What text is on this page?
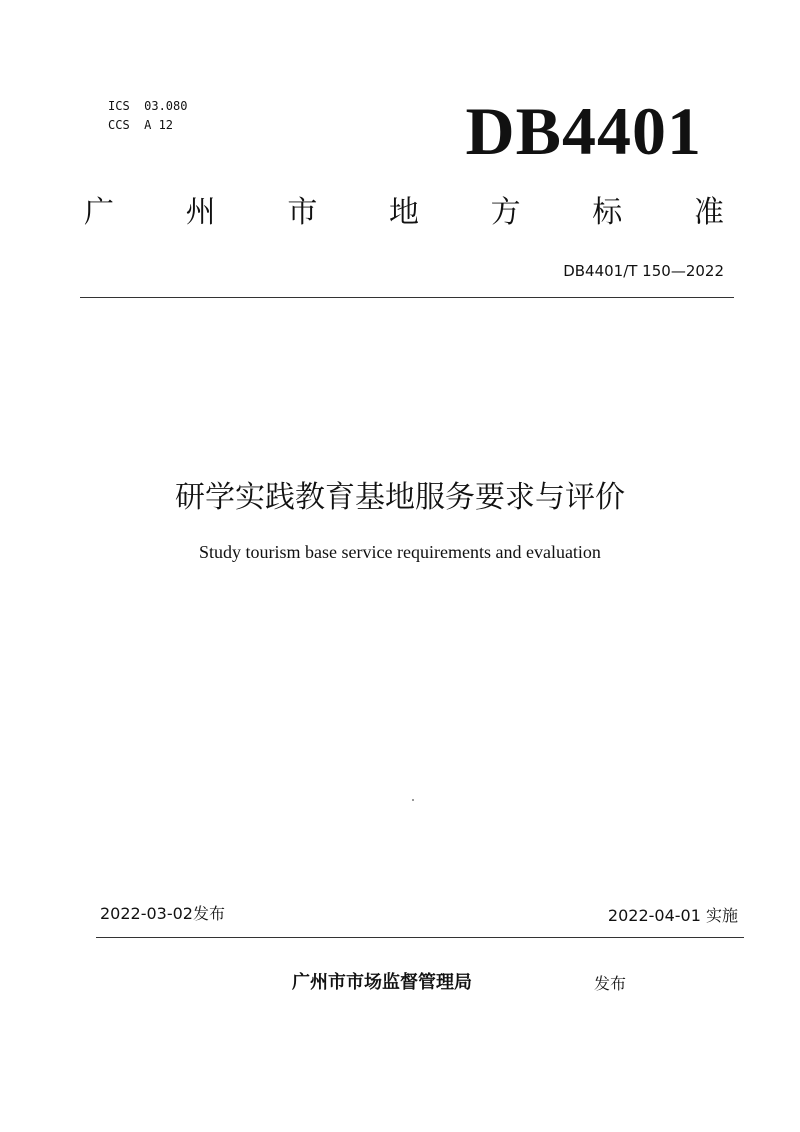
ICS  03.080
CCS  A 12	DB4401
广 州 市 地 方 标 准
DB4401/T 150—2022
研学实践教育基地服务要求与评价
Study tourism base service requirements and evaluation
2022-03-02发布	2022-04-01 实施
广州市市场监督管理局	发布
